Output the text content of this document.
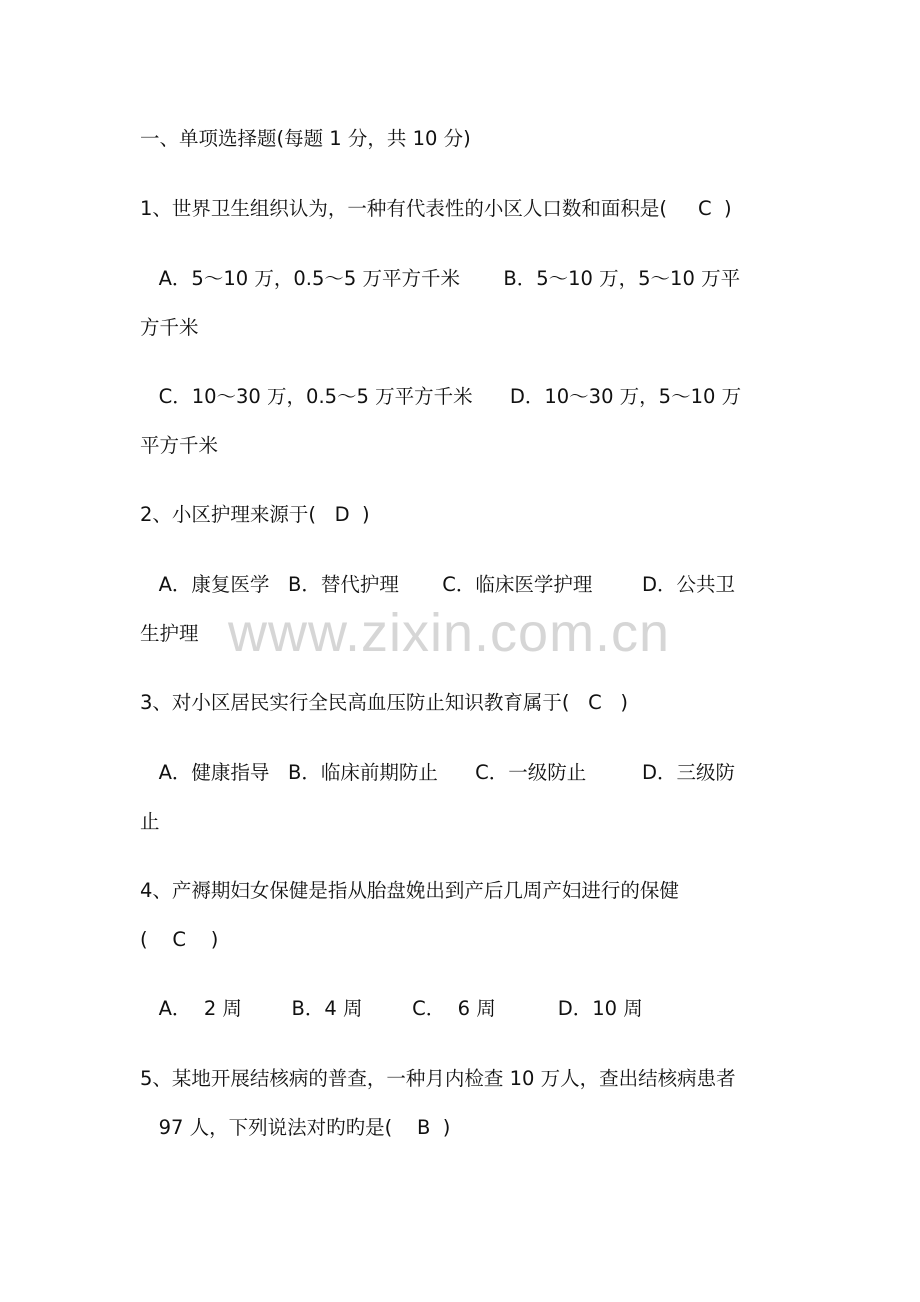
www.zixin.com.cn
一、单项选择题(每题 1 分，共 10 分)
1、世界卫生组织认为，一种有代表性的小区人口数和面积是(     C  )
A．5～10 万，0.5～5 万平方千米       B．5～10 万，5～10 万平
方千米
C．10～30 万，0.5～5 万平方千米      D．10～30 万，5～10 万
平方千米
2、小区护理来源于(   D  )
A．康复医学   B．替代护理       C．临床医学护理        D．公共卫
生护理
3、对小区居民实行全民高血压防止知识教育属于(   C   )
A．健康指导   B．临床前期防止      C．一级防止         D．三级防
止
4、产褥期妇女保健是指从胎盘娩出到产后几周产妇进行的保健
(    C    )
A．  2 周        B．4 周        C．  6 周          D．10 周
5、某地开展结核病的普查，一种月内检查 10 万人，查出结核病患者
97 人，下列说法对旳旳是(    B  )
